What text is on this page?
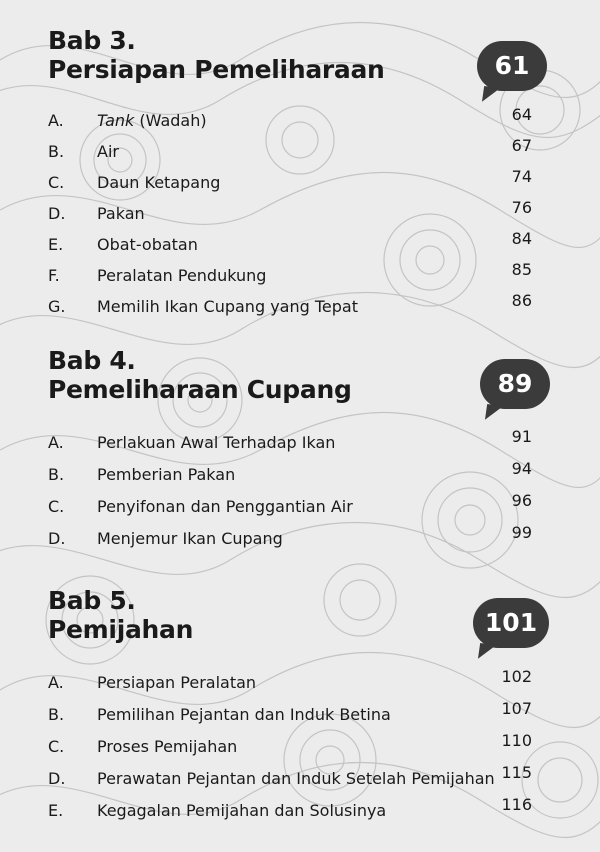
Bab 3.
Persiapan Pemeliharaan	61
A. Tank (Wadah)	64
B. Air	67
C. Daun Ketapang	74
D. Pakan	76
E. Obat-obatan	84
F. Peralatan Pendukung	85
G. Memilih Ikan Cupang yang Tepat	86
Bab 4.
Pemeliharaan Cupang	89
A. Perlakuan Awal Terhadap Ikan	91
B. Pemberian Pakan	94
C. Penyifonan dan Penggantian Air	96
D. Menjemur Ikan Cupang	99
Bab 5.
Pemijahan	101
A. Persiapan Peralatan	102
B. Pemilihan Pejantan dan Induk Betina	107
C. Proses Pemijahan	110
D. Perawatan Pejantan dan Induk Setelah Pemijahan 115
E. Kegagalan Pemijahan dan Solusinya	116
